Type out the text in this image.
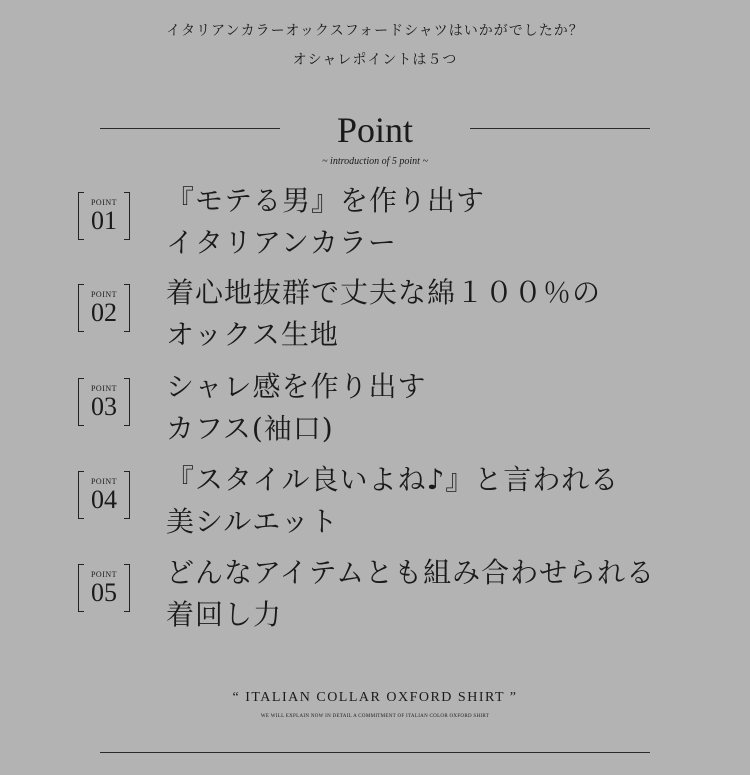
イタリアンカラーオックスフォードシャツはいかがでしたか？
オシャレポイントは５つ
Point
~ introduction of 5 point ~
POINT
01
『モテる男』を作り出す
イタリアンカラー
POINT
02
着心地抜群で丈夫な綿１００％の
オックス生地
POINT
03
シャレ感を作り出す
カフス(袖口)
POINT
04
『スタイル良いよね♪』と言われる
美シルエット
POINT
05
どんなアイテムとも組み合わせられる
着回し力
“ ITALIAN COLLAR OXFORD SHIRT ”
WE WILL EXPLAIN NOW IN DETAIL A COMMITMENT OF ITALIAN COLOR OXFORD SHIRT
